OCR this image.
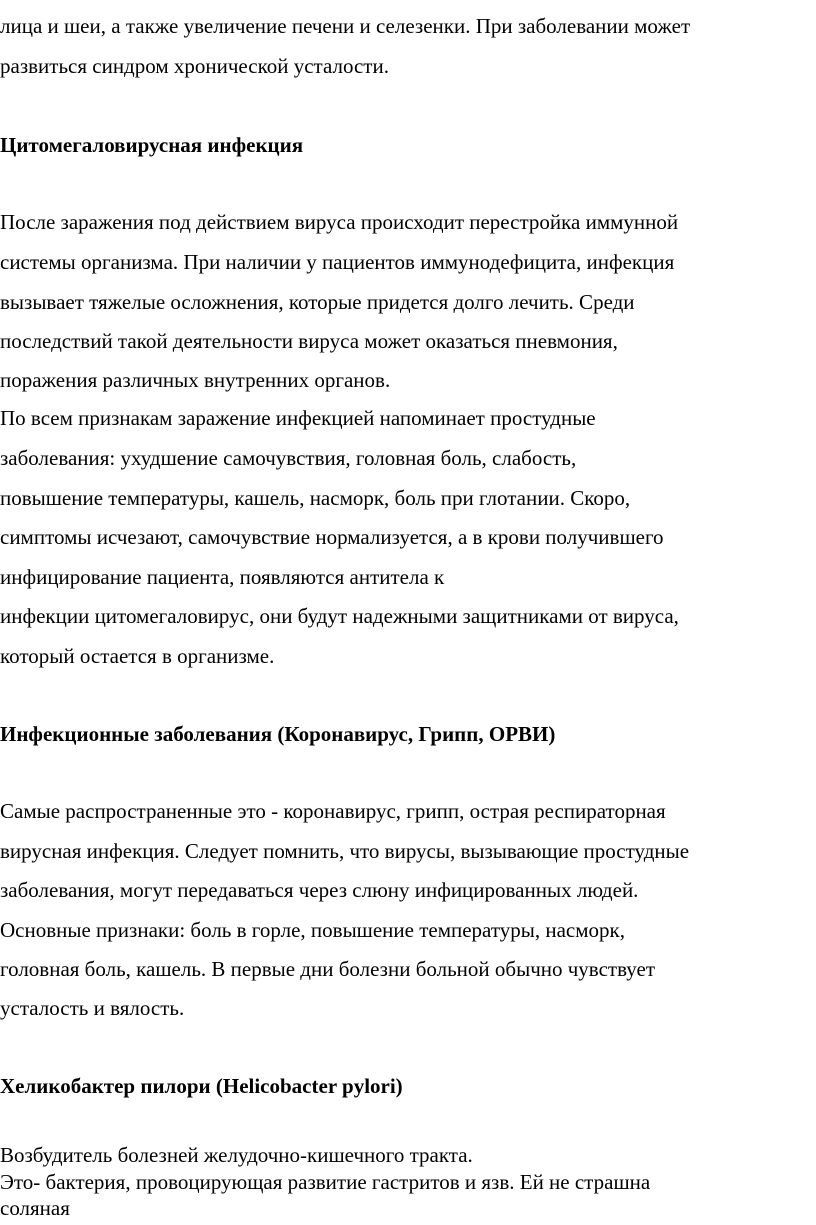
лица и шеи, а также увеличение печени и селезенки. При заболевании может

развиться синдром хронической усталости.

Цитомегаловирусная инфекция

После заражения под действием вируса происходит перестройка иммунной

системы организма. При наличии у пациентов иммунодефицита, инфекция

вызывает тяжелые осложнения, которые придется долго лечить. Среди

последствий такой деятельности вируса может оказаться пневмония,

поражения различных внутренних органов.

По всем признакам заражение инфекцией напоминает простудные

заболевания: ухудшение самочувствия, головная боль, слабость,

повышение температуры, кашель, насморк, боль при глотании. Скоро,

симптомы исчезают, самочувствие нормализуется, а в крови получившего

инфицирование пациента, появляются антитела к

инфекции цитомегаловирус, они будут надежными защитниками от вируса,

который остается в организме.

Инфекционные заболевания (Коронавирус, Грипп, ОРВИ)

Самые распространенные это - коронавирус, грипп, острая респираторная

вирусная инфекция. Следует помнить, что вирусы, вызывающие простудные

заболевания, могут передаваться через слюну инфицированных людей.

Основные признаки: боль в горле, повышение температуры, насморк,

головная боль, кашель. В первые дни болезни больной обычно чувствует

усталость и вялость.

Хеликобактер пилори (Helicobacter pylori)

Возбудитель болезней желудочно-кишечного тракта.

Это- бактерия, провоцирующая развитие гастритов и язв. Ей не страшна

соляная
